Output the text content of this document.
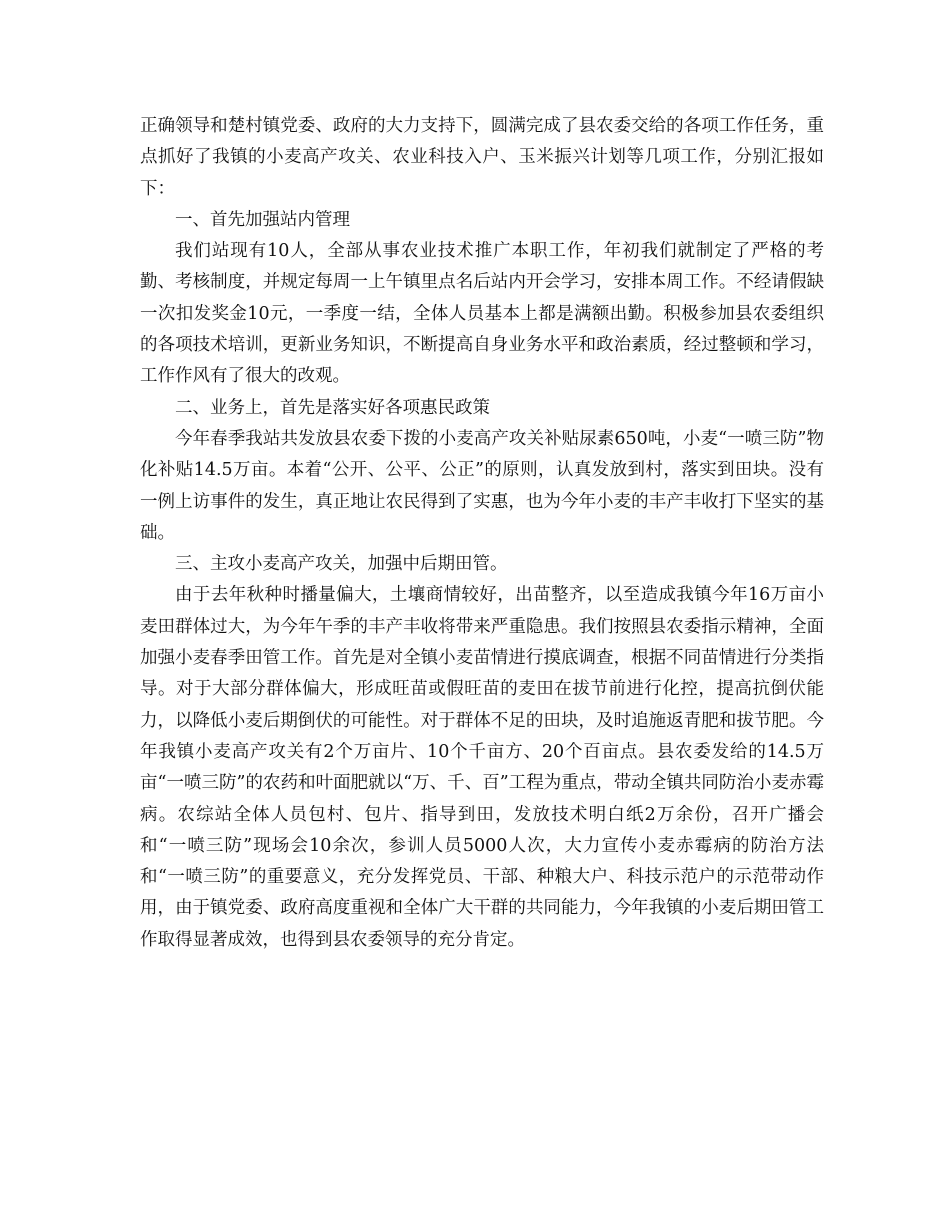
正确领导和楚村镇党委、政府的大力支持下，圆满完成了县农委交给的各项工作任务，重点抓好了我镇的小麦高产攻关、农业科技入户、玉米振兴计划等几项工作，分别汇报如下：

一、首先加强站内管理

我们站现有10人，全部从事农业技术推广本职工作，年初我们就制定了严格的考勤、考核制度，并规定每周一上午镇里点名后站内开会学习，安排本周工作。不经请假缺一次扣发奖金10元，一季度一结，全体人员基本上都是满额出勤。积极参加县农委组织的各项技术培训，更新业务知识，不断提高自身业务水平和政治素质，经过整顿和学习，工作作风有了很大的改观。

二、业务上，首先是落实好各项惠民政策

今年春季我站共发放县农委下拨的小麦高产攻关补贴尿素650吨，小麦“一喷三防”物化补贴14.5万亩。本着“公开、公平、公正”的原则，认真发放到村，落实到田块。没有一例上访事件的发生，真正地让农民得到了实惠，也为今年小麦的丰产丰收打下坚实的基础。

三、主攻小麦高产攻关，加强中后期田管。

由于去年秋种时播量偏大，土壤商情较好，出苗整齐，以至造成我镇今年16万亩小麦田群体过大，为今年午季的丰产丰收将带来严重隐患。我们按照县农委指示精神，全面加强小麦春季田管工作。首先是对全镇小麦苗情进行摸底调查，根据不同苗情进行分类指导。对于大部分群体偏大，形成旺苗或假旺苗的麦田在拔节前进行化控，提高抗倒伏能力，以降低小麦后期倒伏的可能性。对于群体不足的田块，及时追施返青肥和拔节肥。今年我镇小麦高产攻关有2个万亩片、10个千亩方、20个百亩点。县农委发给的14.5万亩“一喷三防”的农药和叶面肥就以“万、千、百”工程为重点，带动全镇共同防治小麦赤霉病。农综站全体人员包村、包片、指导到田，发放技术明白纸2万余份，召开广播会和“一喷三防”现场会10余次，参训人员5000人次，大力宣传小麦赤霉病的防治方法和“一喷三防”的重要意义，充分发挥党员、干部、种粮大户、科技示范户的示范带动作用，由于镇党委、政府高度重视和全体广大干群的共同能力，今年我镇的小麦后期田管工作取得显著成效，也得到县农委领导的充分肯定。
